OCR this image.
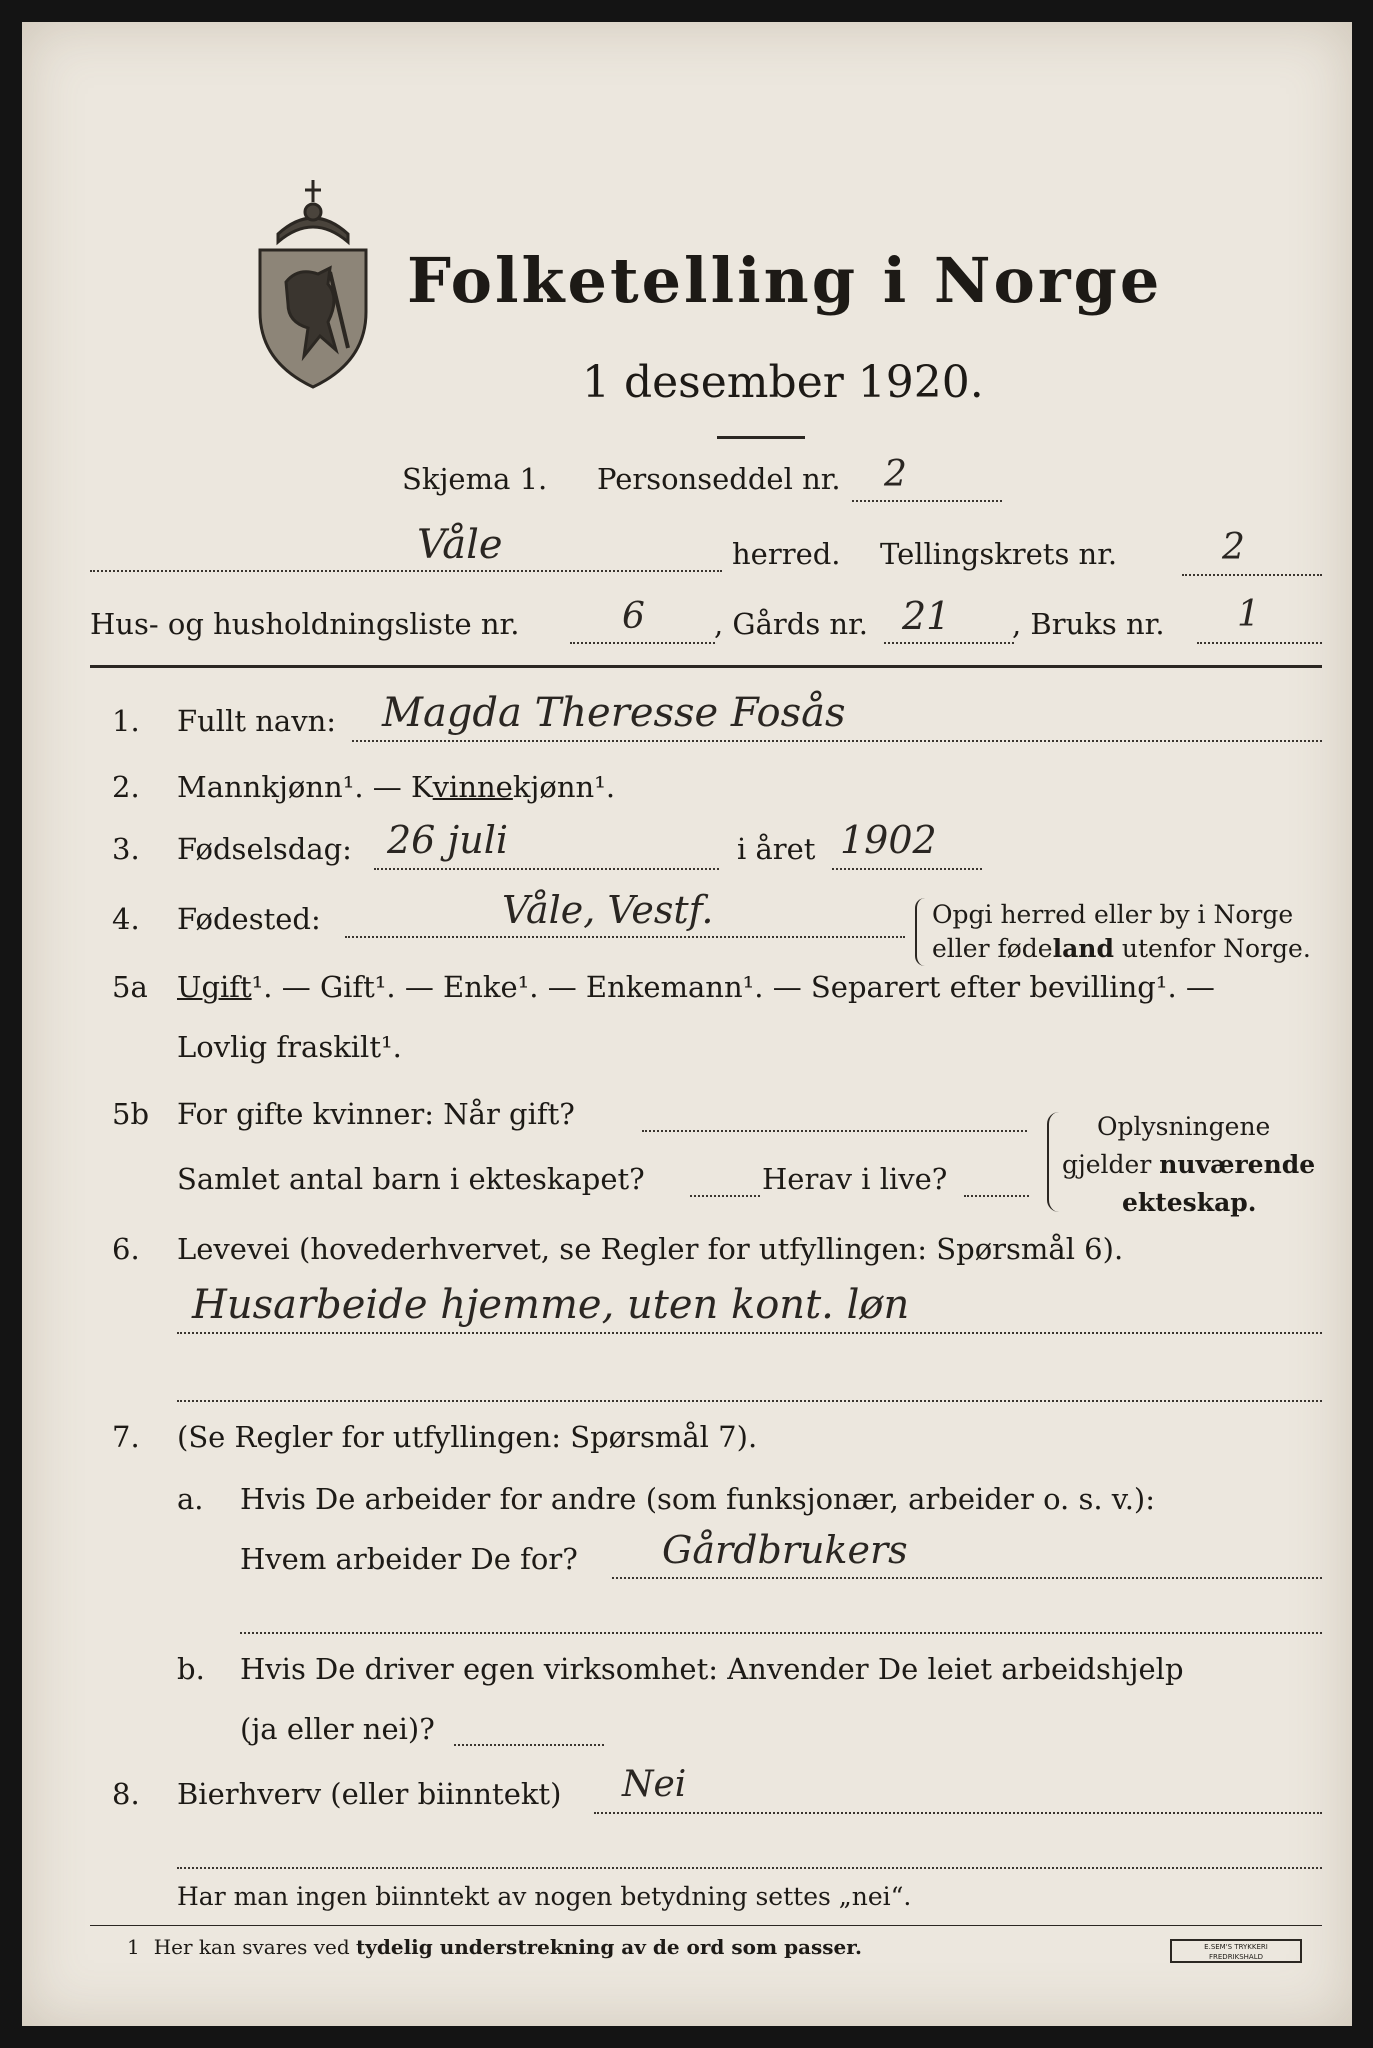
Folketelling i Norge
1 desember 1920.
Skjema 1. Personseddel nr. 2
Våle	herred. Tellingskrets nr.	2
Hus- og husholdningsliste nr.	6 , Gårds nr. 21 , Bruks nr. 1
1. Fullt navn: Magda Theresse Fosås
2. Mannkjønn¹. — Kvinnekjønn¹.
3. Fødselsdag: 26 juli	i året 1902
4. Fødested:	Våle, Vestf.	Opgi herred eller by i Norge
eller fødeland utenfor Norge.
5a Ugift¹. — Gift¹. — Enke¹. — Enkemann¹. — Separert efter bevilling¹. —
Lovlig fraskilt¹.
5b For gifte kvinner: Når gift?
Samlet antal barn i ekteskapet?	Herav i live?
Oplysningene
gjelder nuværende
ekteskap.
6. Levevei (hovederhvervet, se Regler for utfyllingen: Spørsmål 6).
Husarbeide hjemme, uten kont. løn
7. (Se Regler for utfyllingen: Spørsmål 7).
a. Hvis De arbeider for andre (som funksjonær, arbeider o. s. v.):
Hvem arbeider De for? Gårdbrukers
b. Hvis De driver egen virksomhet: Anvender De leiet arbeidshjelp
(ja eller nei)?
8. Bierhverv (eller biinntekt) Nei
Har man ingen biinntekt av nogen betydning settes „nei“.
1 Her kan svares ved tydelig understrekning av de ord som passer.	E.SEM'S TRYKKERI
FREDRIKSHALD
